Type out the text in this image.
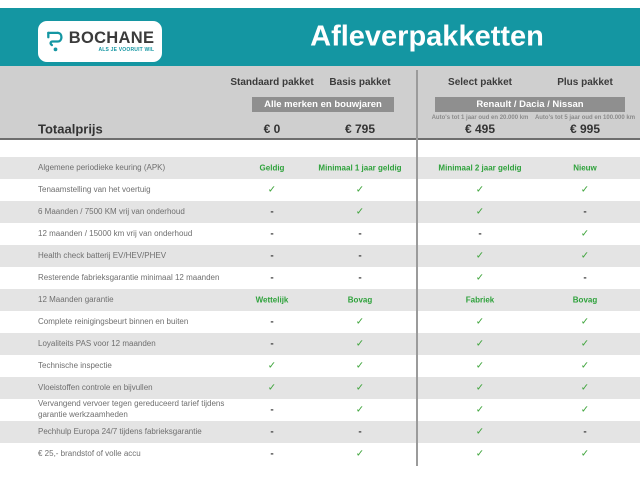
BOCHANE
ALS JE VOORUIT WIL	Afleverpakketten
Standaard pakket Basis pakket	Select pakket	Plus pakket
Alle merken en bouwjaren	Renault / Dacia / Nissan
Auto's tot 1 jaar oud en 20.000 km Auto's tot 5 jaar oud en 100.000 km
Totaalprijs	€ 0	€ 795	€ 495	€ 995
Algemene periodieke keuring (APK)	Geldig	Minimaal 1 jaar geldig	Minimaal 2 jaar geldig	Nieuw
Tenaamstelling van het voertuig	✓	✓	✓	✓
6 Maanden / 7500 KM vrij van onderhoud	-	✓	✓	-
12 maanden / 15000 km vrij van onderhoud	-	-	-	✓
Health check batterij EV/HEV/PHEV	-	-	✓	✓
Resterende fabrieksgarantie minimaal 12 maanden	-	-	✓	-
12 Maanden garantie	Wettelijk	Bovag	Fabriek	Bovag
Complete reinigingsbeurt binnen en buiten	-	✓	✓	✓
Loyaliteits PAS voor 12 maanden	-	✓	✓	✓
Technische inspectie	✓	✓	✓	✓
Vloeistoffen controle en bijvullen	✓	✓	✓	✓
Vervangend vervoer tegen gereduceerd tarief tijdens garantie werkzaamheden	-	✓	✓	✓
Pechhulp Europa 24/7 tijdens fabrieksgarantie	-	-	✓	-
€ 25,- brandstof of volle accu	-	✓	✓	✓
